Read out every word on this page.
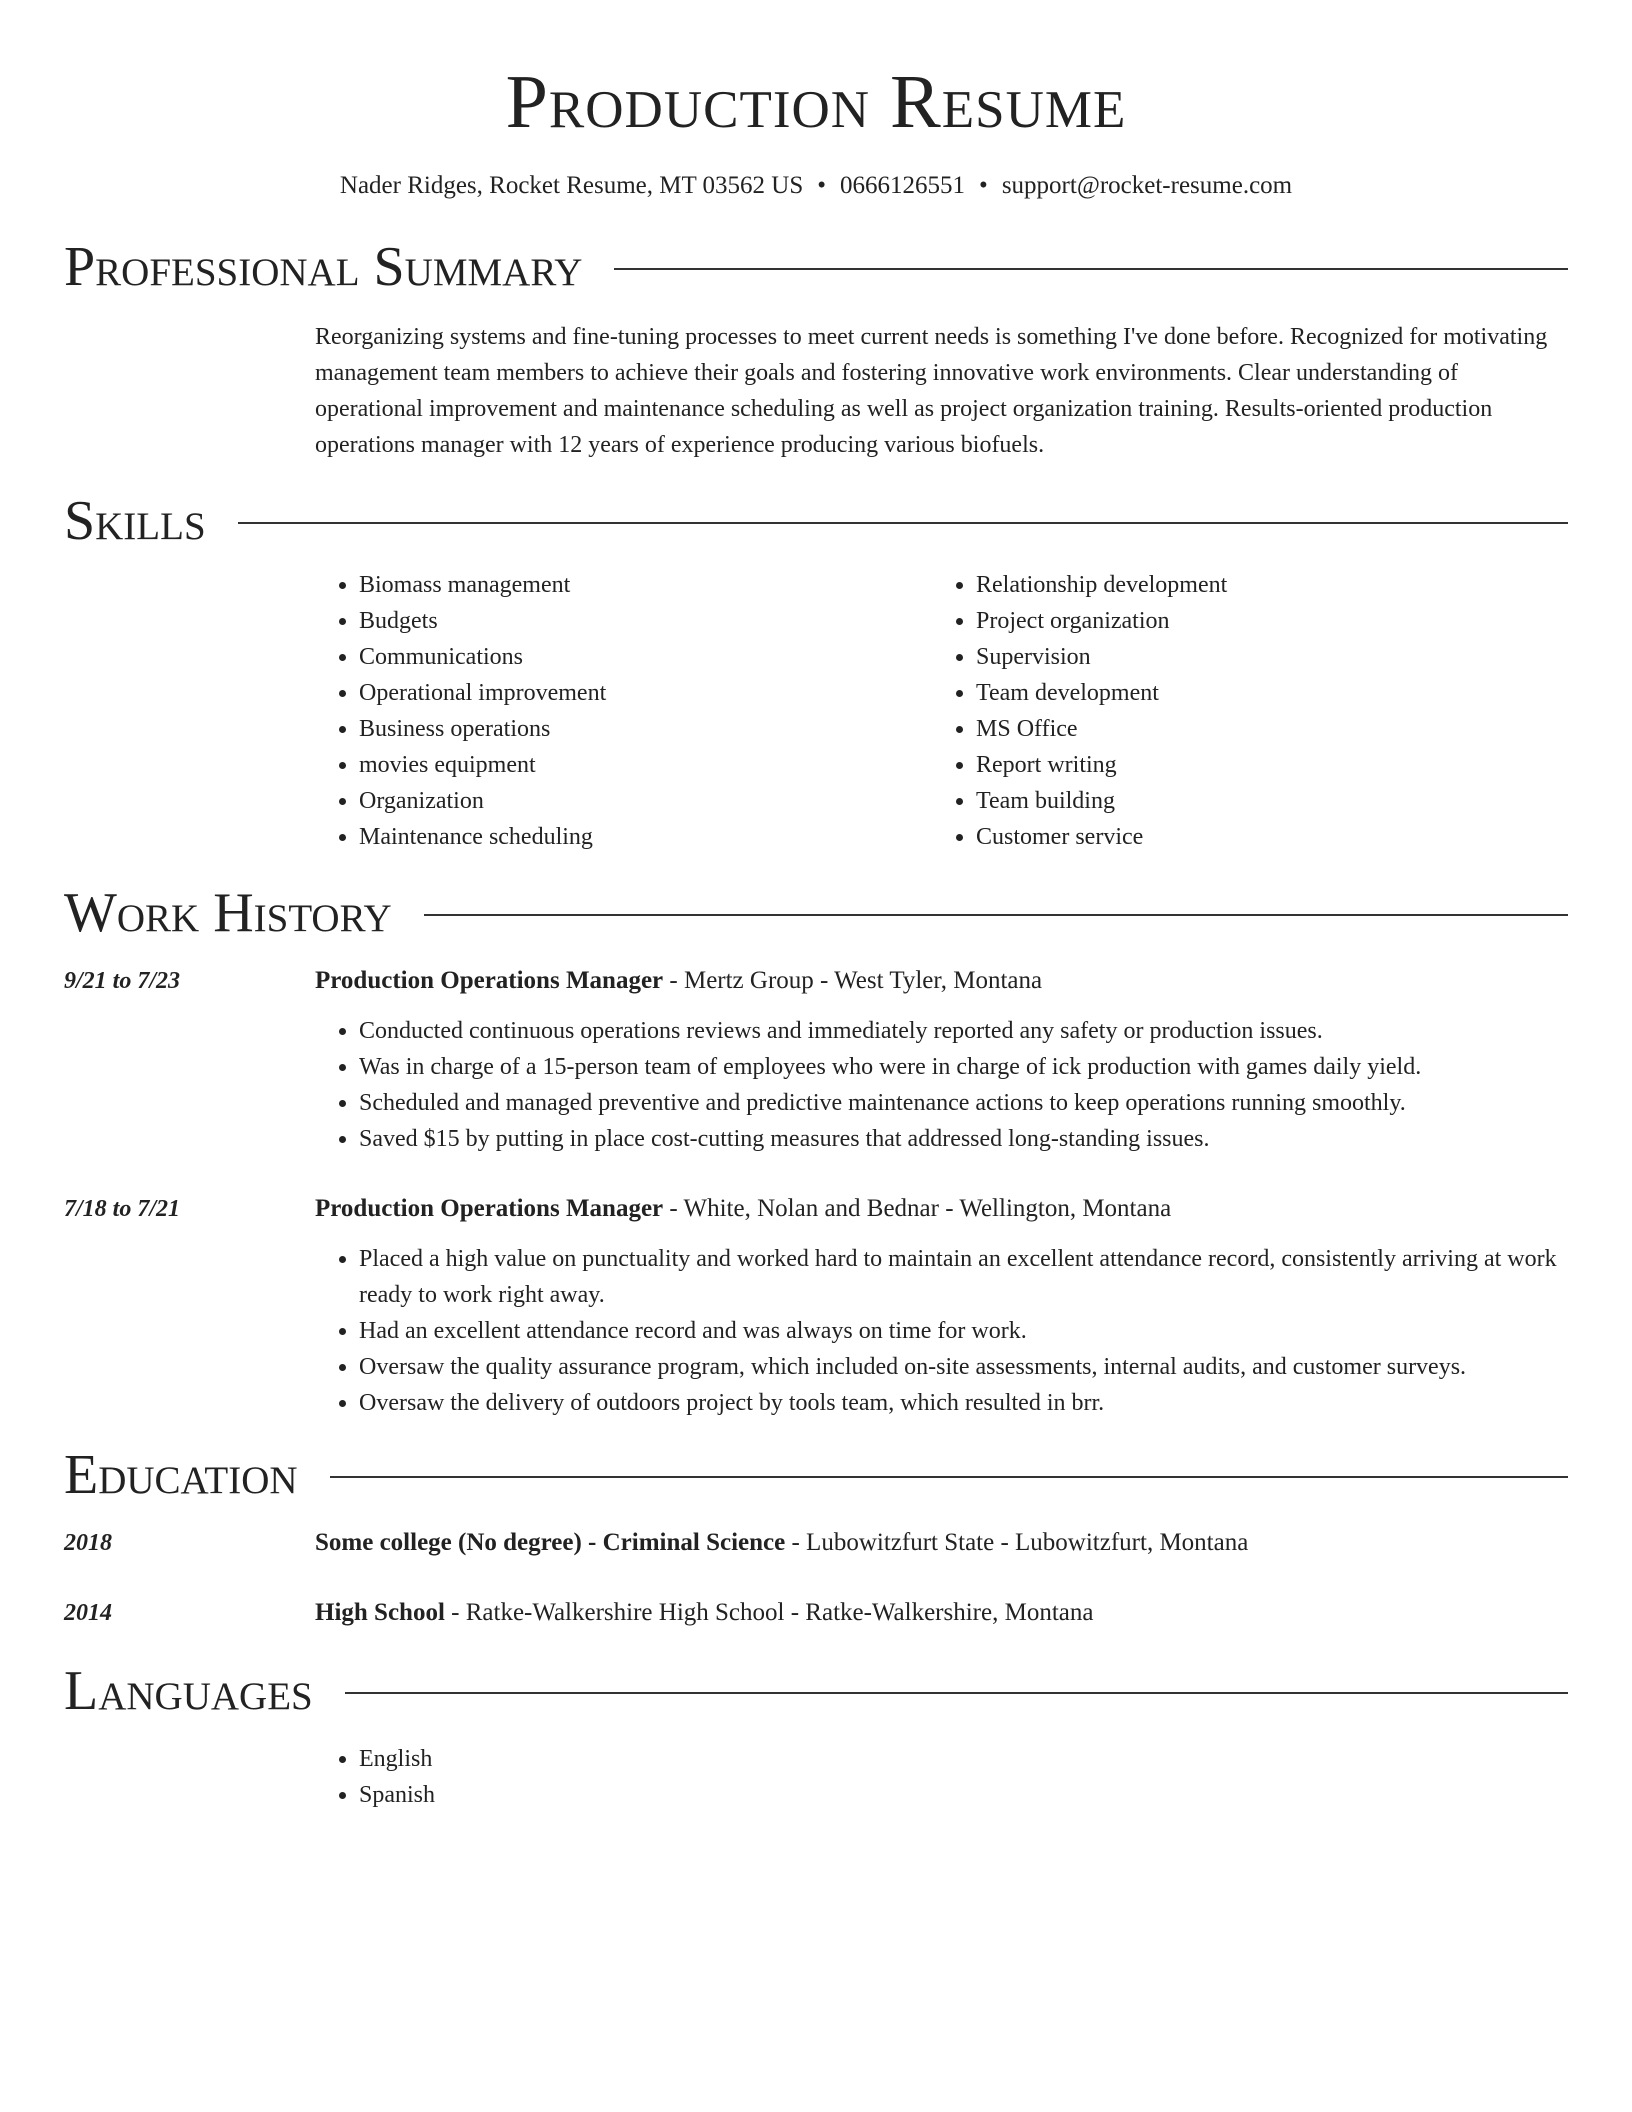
Production Resume
Nader Ridges, Rocket Resume, MT 03562 US • 0666126551 • support@rocket-resume.com
Professional Summary
Reorganizing systems and fine-tuning processes to meet current needs is something I've done before. Recognized for motivating management team members to achieve their goals and fostering innovative work environments. Clear understanding of operational improvement and maintenance scheduling as well as project organization training. Results-oriented production operations manager with 12 years of experience producing various biofuels.
Skills
• Biomass management
• Budgets
• Communications
• Operational improvement
• Business operations
• movies equipment
• Organization
• Maintenance scheduling
• Relationship development
• Project organization
• Supervision
• Team development
• MS Office
• Report writing
• Team building
• Customer service
Work History
9/21 to 7/23	Production Operations Manager - Mertz Group - West Tyler, Montana
• Conducted continuous operations reviews and immediately reported any safety or production issues.
• Was in charge of a 15-person team of employees who were in charge of ick production with games daily yield.
• Scheduled and managed preventive and predictive maintenance actions to keep operations running smoothly.
• Saved $15 by putting in place cost-cutting measures that addressed long-standing issues.
7/18 to 7/21	Production Operations Manager - White, Nolan and Bednar - Wellington, Montana
• Placed a high value on punctuality and worked hard to maintain an excellent attendance record, consistently arriving at work ready to work right away.
• Had an excellent attendance record and was always on time for work.
• Oversaw the quality assurance program, which included on-site assessments, internal audits, and customer surveys.
• Oversaw the delivery of outdoors project by tools team, which resulted in brr.
Education
2018	Some college (No degree) - Criminal Science - Lubowitzfurt State - Lubowitzfurt, Montana
2014	High School - Ratke-Walkershire High School - Ratke-Walkershire, Montana
Languages
• English
• Spanish
